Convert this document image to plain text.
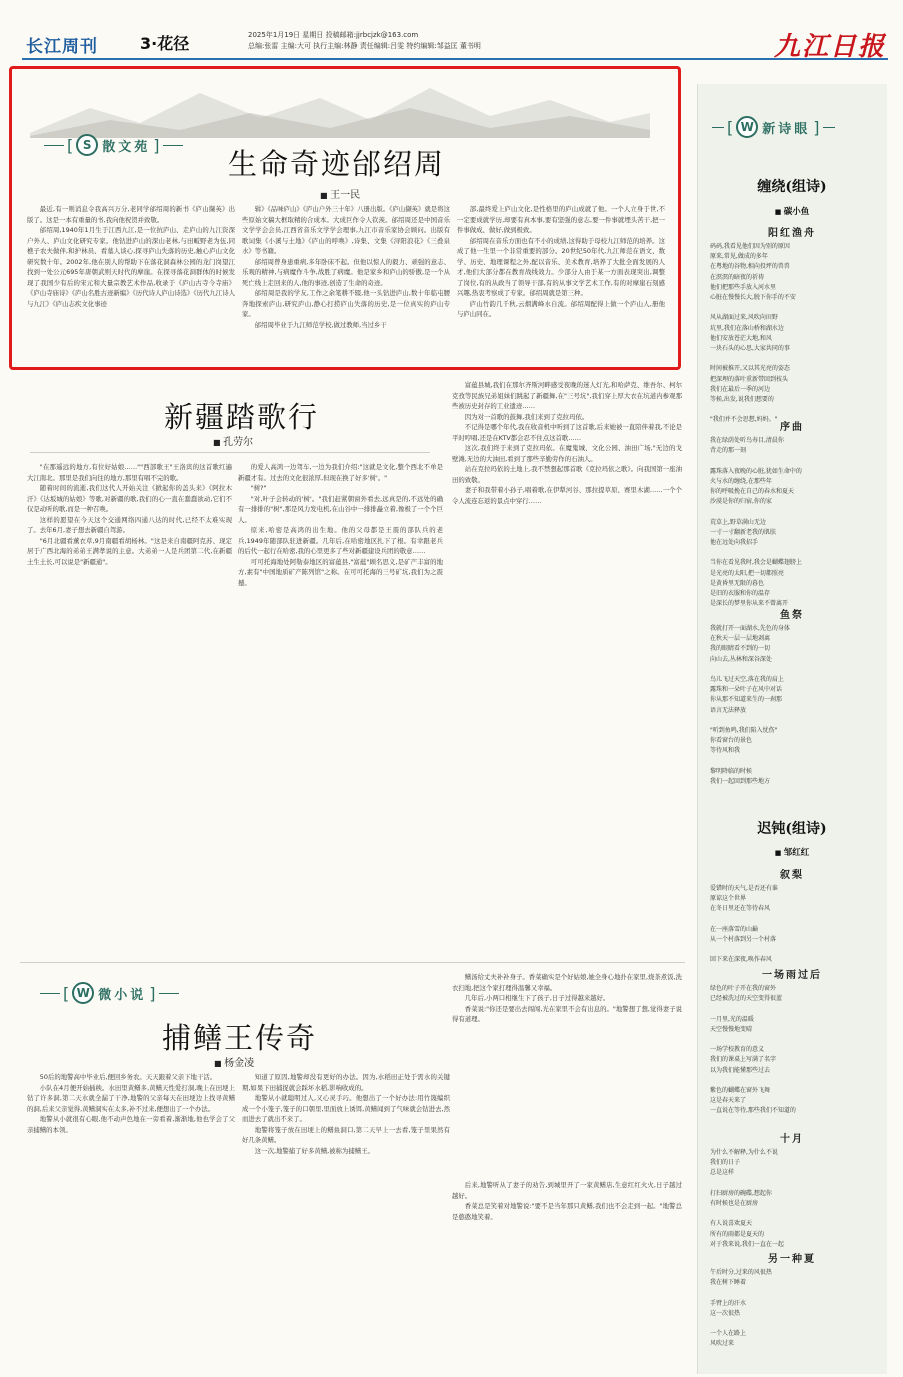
长江周刊	3·花径	2025年1月19日 星期日 投稿邮箱:jjrbcjzk@163.com
总编:张雷 主编:大可 执行主编:林静 责任编辑:吕雯 特约编辑:邹益匡 董书明	九江日报
[ S 散文苑 ]
生命奇迹邰绍周
■ 王一民

最近,有一则消息令我高兴万分,老同学邰绍周的新书《庐山撷英》出版了。这是一本有重量的书,我向他祝贺并致敬。

邰绍周,1940年1月生于江西九江,是一位抗庐山、走庐山的九江资深户外人、庐山文化研究专家。他钻进庐山的深山老林,与田畈野老为伍,同樵子农夫做伴,和护林员、看墓人谈心,探寻庐山失落的历史,触心庐山文化研究数十年。2002年,他在别人的帮助下在落花洞森林公园的龙门岗望江找到一处公元695年唐朝武则天时代的摩崖。在探寻落花洞群体的时候发现了我国少有后的宋元和大量宗教艺术作品,收录于《庐山古寺今寺庙》《庐山寺庙诗》《庐山名胜古迹新编》《历代诗人庐山诗选》《历代九江诗人与九江》《庐山志疾文化事迹

辑》《品味庐山》《庐山户外三十年》八册出版。《庐山撷英》就是将这些原始文稿大框取精的合成本。大成巨作令人钦羡。邰绍周还是中国音乐文学学会会员,江西省音乐文学学会理事,九江市音乐家协会顾问。出版有歌词集《小溪与土地》《庐山的呼唤》,诗集、文集《浔阳浪花》《三叠泉水》等书籍。

邰绍周曾身患重病,多年卧床不起。但他以惊人的毅力、顽强的意志、乐观的精神,与病魔作斗争,战胜了病魔。他是家乡和庐山的骄傲,是一个从死亡线上走回来的人,他的事迹,创造了生命的奇迹。

邰绍周是我的学友,工作之余笔耕不辍,他一头钻进庐山,数十年临屯腰奔地探索庐山,研究庐山,静心打捞庐山失落的历史,是一位真实的庐山专家。

邰绍周毕业于九江师范学校,做过教师,当过乡干

部,最终爱上庐山文化,是性格里的庐山成就了他。一个人立身于世,不一定要成就学历,却要有真本事,要有坚强的意志,要一件事就埋头苦干,把一件事做成、做好,做到极致。

邰绍周在音乐方面也有不小的成绩,这得助于母校九江师范的培养。这成了他一生里一个非常重要的部分。20世纪50年代,九江师范在语文、数学、历史、地理课程之外,配以音乐、美术教育,培养了大批全面发展的人才,他们大部分都在教育战线效力。少部分人由于某一方面表现突出,调整了岗位,有的从政当了领导干部,有的从事文学艺术工作,有的对摩崖石刻感兴趣,热衷考察成了专家。邰绍周就是第三种。

庐山竹韵几千秋,云烟满峰水自流。邰绍周配得上做一个庐山人,册他与庐山同在。

新疆踏歌行
■ 孔劳尔

"在那遥远的地方,有位好姑娘……""西部歌王"王洛宾的这首歌红遍大江南北。那里是我们向往的地方,那里有唱不完的歌。

随着时间的流逝,我们这代人开始关注《掀起你的盖头来》《阿拉木汗》《达坂城的姑娘》等歌,对新疆的歌,我们的心一直在蠢蠢欲动,它们不仅是动听的歌,而是一种召唤。

这样的愿望在今天这个交通网络四通八达的时代,已经不太难实现了。去年6月,妻子想去新疆自驾游。

"6月北疆看薰衣草,9月南疆看胡杨林。"这是来自南疆阿克苏、现定居于广西北海的弟弟王满孝说的主意。大弟弟一人是兵团第二代,在新疆土生土长,可以说是"新疆通"。

的爱人高鸿一边驾车,一边为我们介绍:"这就是文化,整个西北不单是新疆才有。过去的文化很浓厚,但现在换了好多'树'。"

"树?"

"对,叶子会转动的'树'。"我们赶紧朝窗外看去,远真是的,不远处的确有一排排的"树",那是风力发电机,在山谷中一排排矗立着,像极了一个个巨人。

原来,哈密是高鸿的出生地。他的父母都是王震的部队兵的老兵,1949年随部队驻进新疆。几年后,在哈密地区扎下了根。有幸跟老兵的后代一起行在哈密,我的心里更多了些对新疆建设兵团的敬意……

可可托海地处阿勒泰地区的富蕴县,"富蕴"顾名思义,是矿产丰富的地方,素有"中国地质矿产陈列馆"之称。在可可托海的三号矿坑,我们为之震撼。

富蕴县城,我们在那尔齐斯河畔感受夜晚的迷人灯光,和哈萨克、维吾尔、柯尔克孜等民族兄弟姐妹们跳起了新疆舞,在"三号坑",我们穿上厚大衣在坑道内参观那些被历史封存的工业遗迹……

因为对一首歌的鼓舞,我们来到了克拉玛依。

不记得是哪个年代,我在收音机中听到了这首歌,后来她被一直陪伴着我,不论是平时哼唱,还是在KTV都会忍不住点这首歌……

这次,我们终于来到了克拉玛依。在魔鬼城、文化公园、油田广场,"无边的戈壁滩,无边的大油田,看到了那些辛勤劳作的石油人。

站在克拉玛依的土地上,我不禁想起那首歌《克拉玛依之歌》。向我国第一座油田的致敬。

妻子和我带着小孙子,唱着歌,在伊犁河谷、那拉提草原、赛里木湖……一个个令人流连忘返的景点中穿行……

[ W 微小说 ]
捕鳝王传奇
■ 杨金凌

50后的地警高中毕业后,便回乡务农。天天跟着父亲下地干活。

小队在4月便开始插秧。水田里黄鳝多,黄鳝天性爱打洞,晚上在田埂上钻了许多洞,第二天水就全漏了干净,地警的父亲每天在田埂边上找寻黄鳝的洞,后来父亲觉得,黄鳝洞实在太多,补不过来,便想出了一个办法。

地警从小就很有心眼,他不动声色地在一旁看着,渐渐地,他也学会了父亲捕鳝的本领。

知道了原因,地警却没有更好的办法。因为,水稻田正处于需水的关键期,如果下田捕捉就会踩坏水稻,影响收成的。

地警从小就聪明过人,又心灵手巧。他想出了一个好办法:用竹篾编织成一个小笼子,笼子的口朝里,里面放上诱饵,黄鳝闻到了气味就会钻进去,然而进去了就出不来了。

地警将笼子放在田埂上的鳝鱼洞口,第二天早上一去看,笼子里果然有好几条黄鳝。

这一次,地警捕了好多黄鳝,被称为捕鳝王。

鳝汤给丈夫补补身子。香菜确实是个好姑娘,她全身心地扑在家里,烧茶煮饭,洗衣扫地,把这个家打理得温馨又幸福。

几年后,小两口相继生下了孩子,日子过得越来越好。

香菜说:"你还是要出去闯闯,光在家里不会有出息的。"地警想了想,觉得妻子说得有道理。

后来,地警听从了妻子的劝告,到城里开了一家黄鳝店,生意红红火火,日子越过越好。

香菜总是笑着对地警说:"要不是当年那只黄鳝,我们也不会走到一起。"地警总是憨憨地笑着。

[ W 新诗眼 ]
缠绕(组诗)
■ 碳小鱼
阳红渔舟
码码,我看见他们因为别的原因
原来,常见,做成的多年
在粤地的谷物,相向投坪的兽兽
在溟溟的暗夜的祈祷
他们把那些手放入河水里
心脏在慢慢长大,脱下你手的不安

风从湖面过来,风吹向田野
坑里,我们在落山桥和湖水边
他们安放苍茫大地,和风
一块石头的心思,大家共同的事

时间被推开,又以其光亮的姿态
把深埋的落叶重新带回到枝头
我们在最后一季的河边
等候,出发,说我们想要的

"我们并不会思想,妈妈。"
序曲
我在绿荫处听鸟寿目,清晨你
背走的那一刻

露珠落入夜晚的心脏,犹如生命中的
火与水的缠绕,在那些年
你的呼吸挽在自己的春水和夏天
沙漠是你的归宿,你的家

荒草上,野草满山无边
一寸一寸翻新老我的肌肤
他在远处向我招手

当你在看见我时,我会是蝴蝶翅膀上
是光亮的太阳,把一切都照亮
是黄昏里无限的暮色
是旧的衣服和你的温存
是深长的梦里你从来不曾离开
鱼祭
我就打开一面湖水,先色的身体
在秋天一层一层地剥离
我的眼睛看不到的一切
向山去,丛林和深谷深处

鸟儿飞过天空,落在我的肩上
露珠和一朵叶子在风中对话
你从那不知道来生的一刹那
语言无法释放

"听到鱼鸣,我们陷入忧伤"
你看窗台的景色
等待风和我

黎明降临的时候
我们一起回到那些地方
迟钝(组诗)
■ 邹红红
叙梨
爱错时的天气,是否还有谁
原谅这个世界
在冬日里还在等待春风

在一座落雪的山巅
从一个村落到另一个村落

回下来在深夜,唤作春风
一场雨过后
绿色的叶子开在我的窗外
已经被洗过的天空变得很蓝

一月里,光的温暖
天空慢慢地变晴

一场学校教育的意义
我们的课桌上写满了名字
以为我们能懂那些过去

紫色的蝴蝶在窗外飞舞
这是春天来了
一直说在等待,那些我们不知道的
十月
为什么不解释,为什么不说
我们的日子
总是这样

打扫厨房的碗碟,想起你
有时候也是在厨房

有人说喜欢夏天
所有的雨都是夏天的
对于我来说,我们一直在一起
另一种夏
午后时分,过来的风很热
我在树下睡着

手臂上的汗水
这一次很热

一个人在路上
风吹过来
